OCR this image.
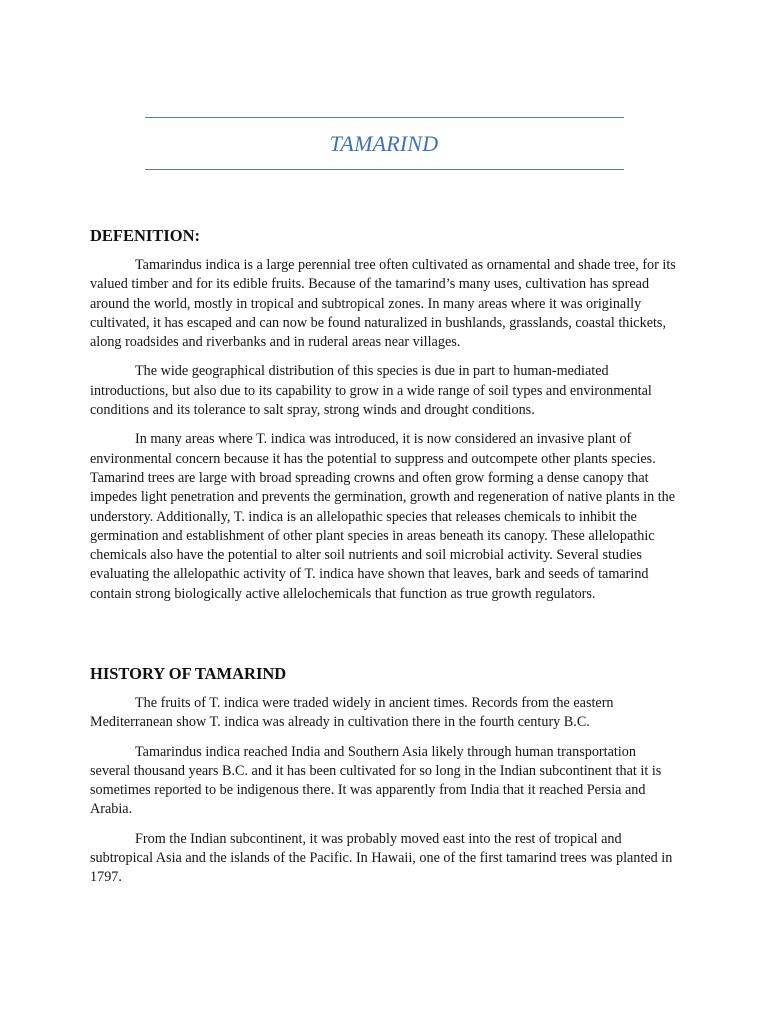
TAMARIND
DEFENITION:

Tamarindus indica is a large perennial tree often cultivated as ornamental and shade tree, for its valued timber and for its edible fruits. Because of the tamarind’s many uses, cultivation has spread around the world, mostly in tropical and subtropical zones. In many areas where it was originally cultivated, it has escaped and can now be found naturalized in bushlands, grasslands, coastal thickets, along roadsides and riverbanks and in ruderal areas near villages.

The wide geographical distribution of this species is due in part to human-mediated introductions, but also due to its capability to grow in a wide range of soil types and environmental conditions and its tolerance to salt spray, strong winds and drought conditions.

In many areas where T. indica was introduced, it is now considered an invasive plant of environmental concern because it has the potential to suppress and outcompete other plants species. Tamarind trees are large with broad spreading crowns and often grow forming a dense canopy that impedes light penetration and prevents the germination, growth and regeneration of native plants in the understory. Additionally, T. indica is an allelopathic species that releases chemicals to inhibit the germination and establishment of other plant species in areas beneath its canopy. These allelopathic chemicals also have the potential to alter soil nutrients and soil microbial activity. Several studies evaluating the allelopathic activity of T. indica have shown that leaves, bark and seeds of tamarind contain strong biologically active allelochemicals that function as true growth regulators.

HISTORY OF TAMARIND

The fruits of T. indica were traded widely in ancient times. Records from the eastern Mediterranean show T. indica was already in cultivation there in the fourth century B.C.

Tamarindus indica reached India and Southern Asia likely through human transportation several thousand years B.C. and it has been cultivated for so long in the Indian subcontinent that it is sometimes reported to be indigenous there. It was apparently from India that it reached Persia and Arabia.

From the Indian subcontinent, it was probably moved east into the rest of tropical and subtropical Asia and the islands of the Pacific. In Hawaii, one of the first tamarind trees was planted in 1797.
